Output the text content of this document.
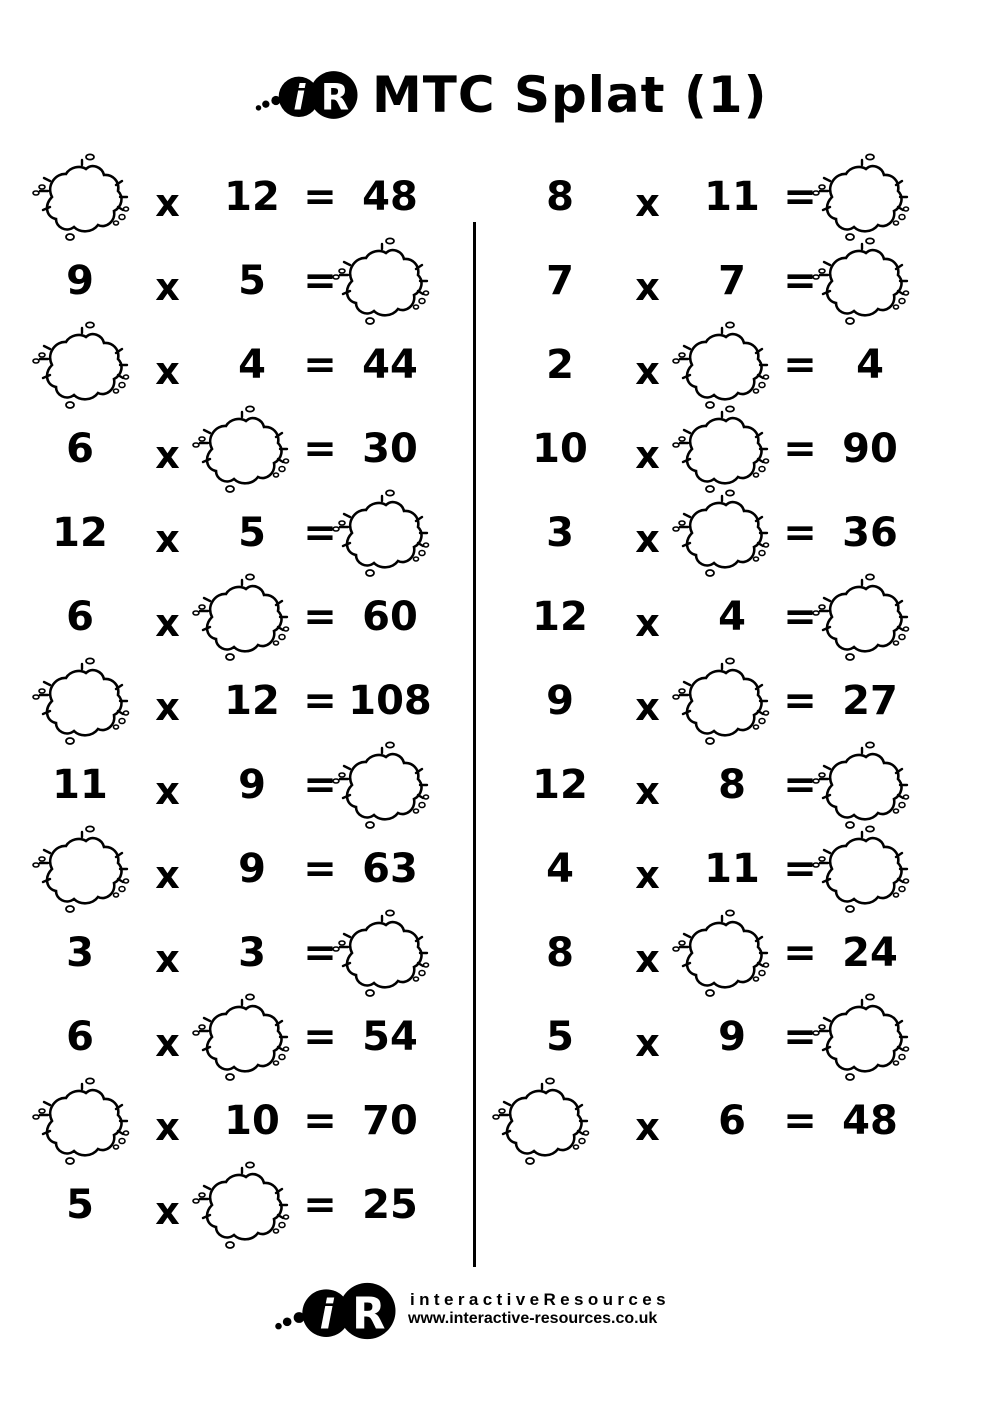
MTC Splat (1)
x	12 = 48
9	x	5 =
x	4 = 44
6	x	= 30
12	x	5 =
6	x	= 60
x	12 = 108
11	x	9 =
x	9 = 63
3	x	3 =
6	x	= 54
x	10 = 70
5	x	= 25
8	x	11 =
7	x	7 =
2	x	= 4
10	x	= 90
3	x	= 36
12	x	4 =
9	x	= 27
12	x	8 =
4	x	11 =
8	x	= 24
5	x	9 =
x	6 = 48
interactiveResources
www.interactive-resources.co.uk
